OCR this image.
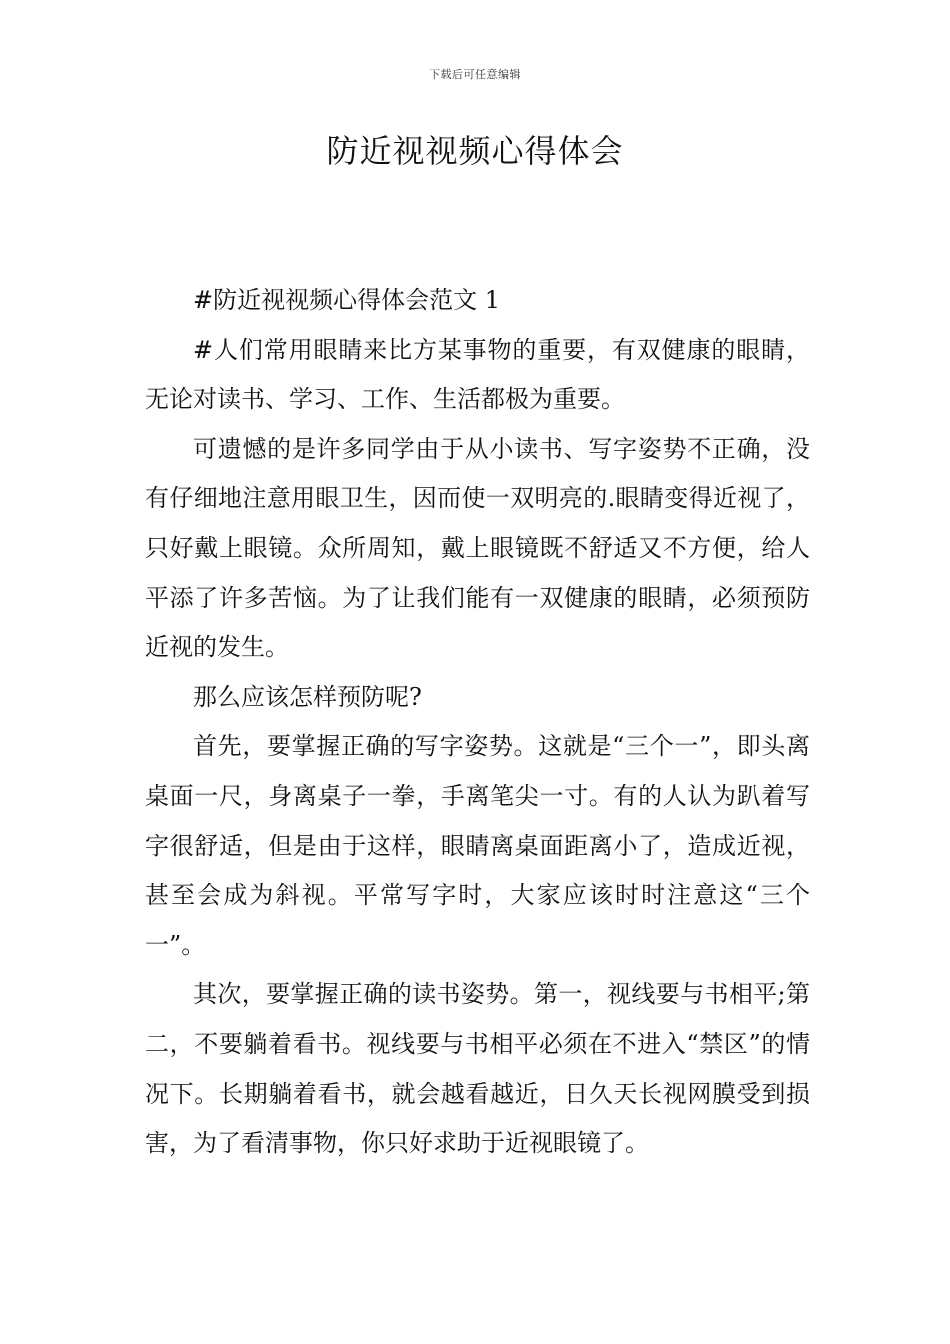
下载后可任意编辑
防近视视频心得体会

#防近视视频心得体会范文 1

#人们常用眼睛来比方某事物的重要，有双健康的眼睛，无论对读书、学习、工作、生活都极为重要。

可遗憾的是许多同学由于从小读书、写字姿势不正确，没有仔细地注意用眼卫生，因而使一双明亮的.眼睛变得近视了，只好戴上眼镜。众所周知，戴上眼镜既不舒适又不方便，给人平添了许多苦恼。为了让我们能有一双健康的眼睛，必须预防近视的发生。

那么应该怎样预防呢?

首先，要掌握正确的写字姿势。这就是“三个一”，即头离桌面一尺，身离桌子一拳，手离笔尖一寸。有的人认为趴着写字很舒适，但是由于这样，眼睛离桌面距离小了，造成近视，甚至会成为斜视。平常写字时，大家应该时时注意这“三个一”。

其次，要掌握正确的读书姿势。第一，视线要与书相平;第二，不要躺着看书。视线要与书相平必须在不进入“禁区”的情况下。长期躺着看书，就会越看越近，日久天长视网膜受到损害，为了看清事物，你只好求助于近视眼镜了。
